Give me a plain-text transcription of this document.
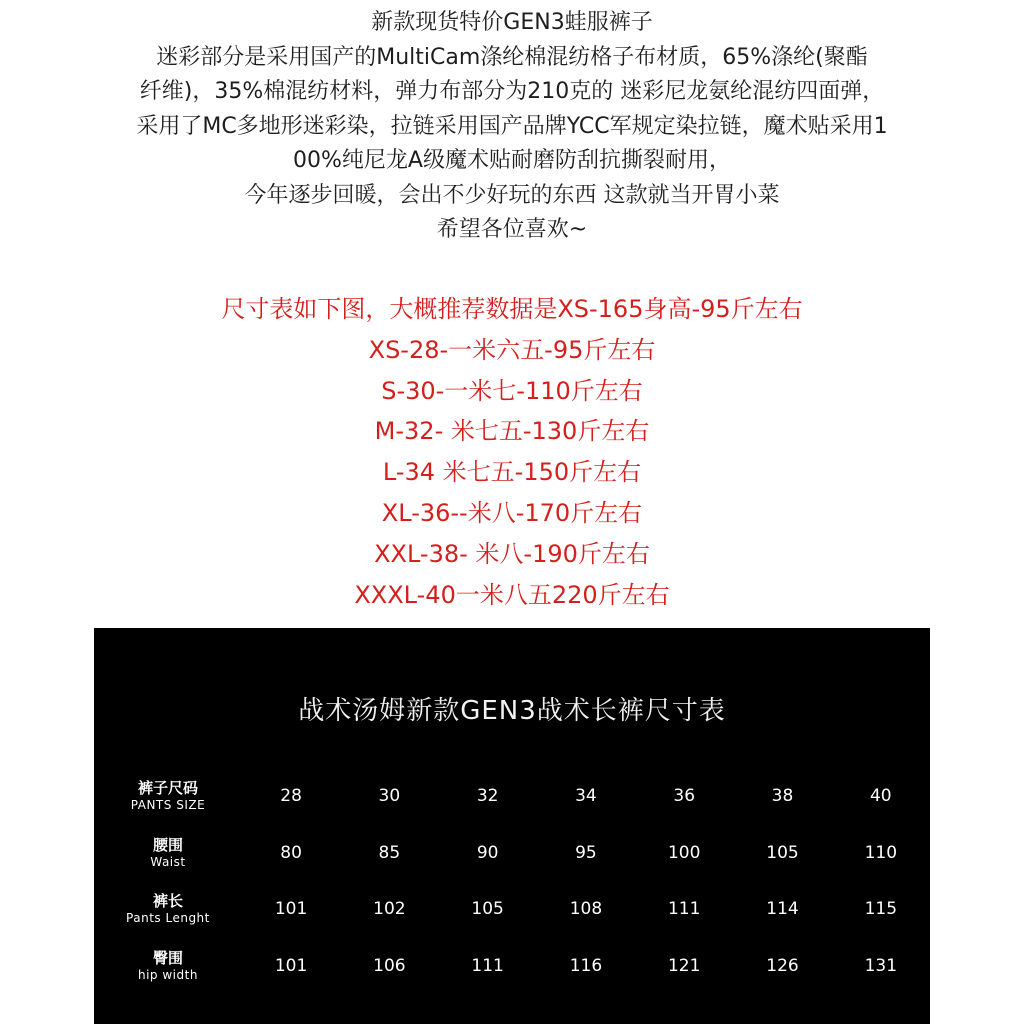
新款现货特价GEN3蛙服裤子

迷彩部分是采用国产的MultiCam涤纶棉混纺格子布材质，65%涤纶(聚酯

纤维)，35%棉混纺材料，弹力布部分为210克的 迷彩尼龙氨纶混纺四面弹，

采用了MC多地形迷彩染，拉链采用国产品牌YCC军规定染拉链，魔术贴采用1

00%纯尼龙A级魔术贴耐磨防刮抗撕裂耐用，

今年逐步回暖，会出不少好玩的东西 这款就当开胃小菜

希望各位喜欢~

尺寸表如下图，大概推荐数据是XS-165身高-95斤左右

XS-28-一米六五-95斤左右

S-30-一米七-110斤左右

M-32- 米七五-130斤左右

L-34 米七五-150斤左右

XL-36--米八-170斤左右

XXL-38- 米八-190斤左右

XXXL-40一米八五220斤左右

战术汤姆新款GEN3战术长裤尺寸表
裤子尺码
PANTS SIZE	28	30	32	34	36	38	40

腰围
Waist	80	85	90	95	100	105	110

裤长
Pants Lenght	101	102	105	108	111	114	115

臀围
hip width	101	106	111	116	121	126	131
